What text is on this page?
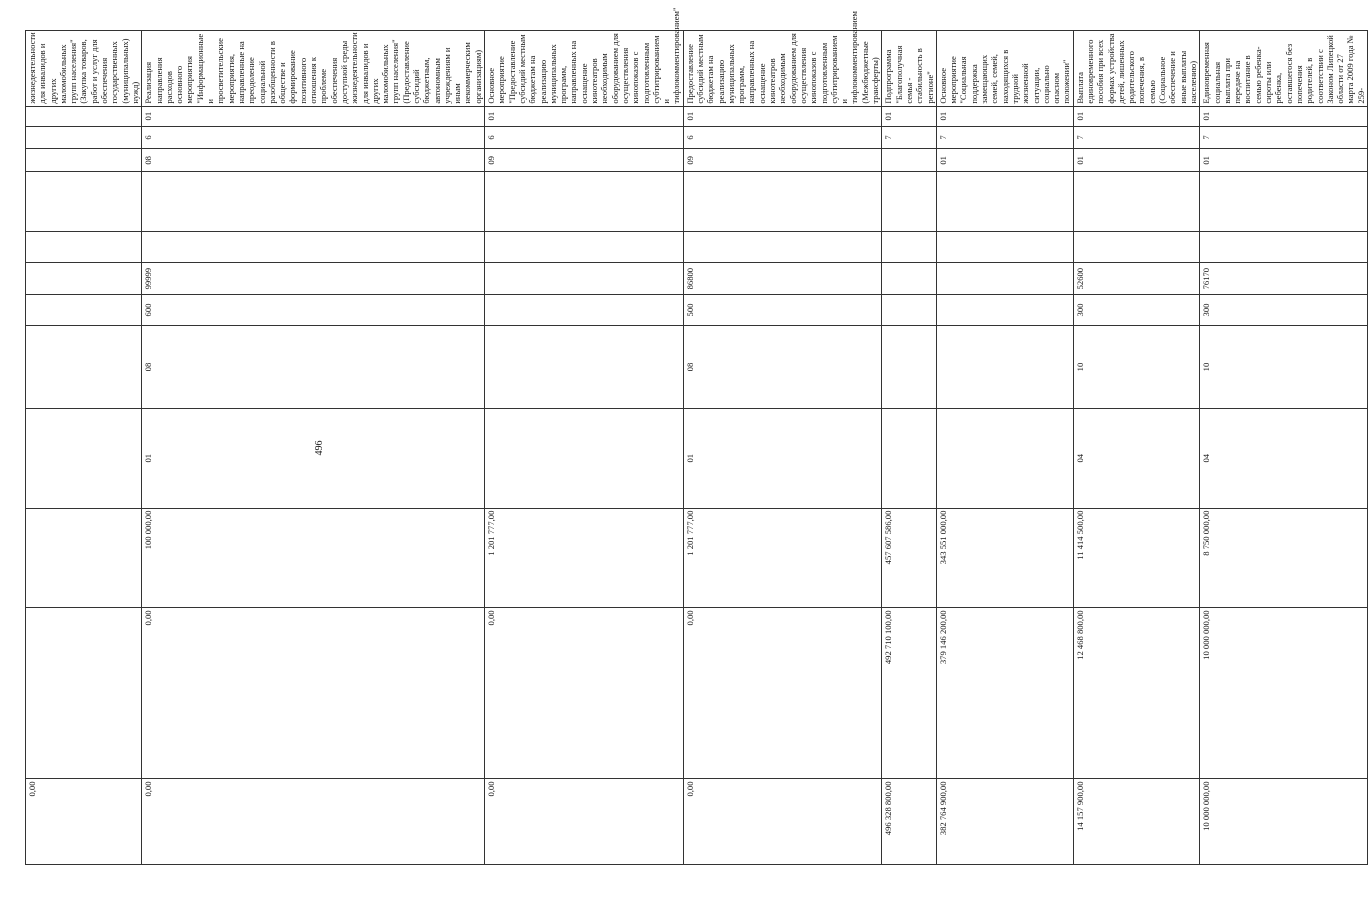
496
0,00												жизнедеятельности для инвалидов и других маломобильных групп населения" (Закупка товаров, работ и услуг для обеспечения государственных (муниципальных) нужд)
0,00	0,00	100 000,00	01	08	600	99999			08	6	01	Реализация направления расходов основного мероприятия "Информационные и просветительские мероприятия, направленные на преодоление социальной разобщенности в обществе и формирование позитивного отношения к проблеме обеспечения доступной среды жизнедеятельности для инвалидов и других маломобильных групп населения" (Предоставление субсидий бюджетным, автономным учреждениям и иным некоммерческим организациям)
0,00	0,00	1 201 777,00							09	6	01	Основное мероприятие "Предоставление субсидий местным бюджетам на реализацию муниципальных программ, направленных на оснащение кинотеатров необходимым оборудованием для осуществления кинопоказов с подготовленным субтитрированием и тифлокомментированием"
0,00	0,00	1 201 777,00	01	08	500	86800			09	6	01	Предоставление субсидий местным бюджетам на реализацию муниципальных программ, направленных на оснащение кинотеатров необходимым оборудованием для осуществления кинопоказов с подготовленным субтитрированием и тифлокомментированием (Межбюджетные трансферты)
496 328 800,00	492 710 100,00	457 607 586,00								7	01	Подпрограмма "Благополучная семья - стабильность в регионе"
382 764 900,00	379 146 200,00	343 551 000,00							01	7	01	Основное мероприятие "Социальная поддержка замещающих семей, семей, находящихся в трудной жизненной ситуации, социально опасном положении"
14 157 900,00	12 468 800,00	11 414 500,00	04	10	300	52600			01	7	01	Выплата единовременного пособия при всех формах устройства детей, лишенных родительского попечения, в семью (Социальное обеспечение и иные выплаты населению)
10 000 000,00	10 000 000,00	8 750 000,00	04	10	300	76170			01	7	01	Единовременная социальная выплата при передаче на воспитание в семью ребенка-сироты или ребенка, оставшегося без попечения родителей, в соответствии с Законом Липецкой области от 27 марта 2009 года № 259-
